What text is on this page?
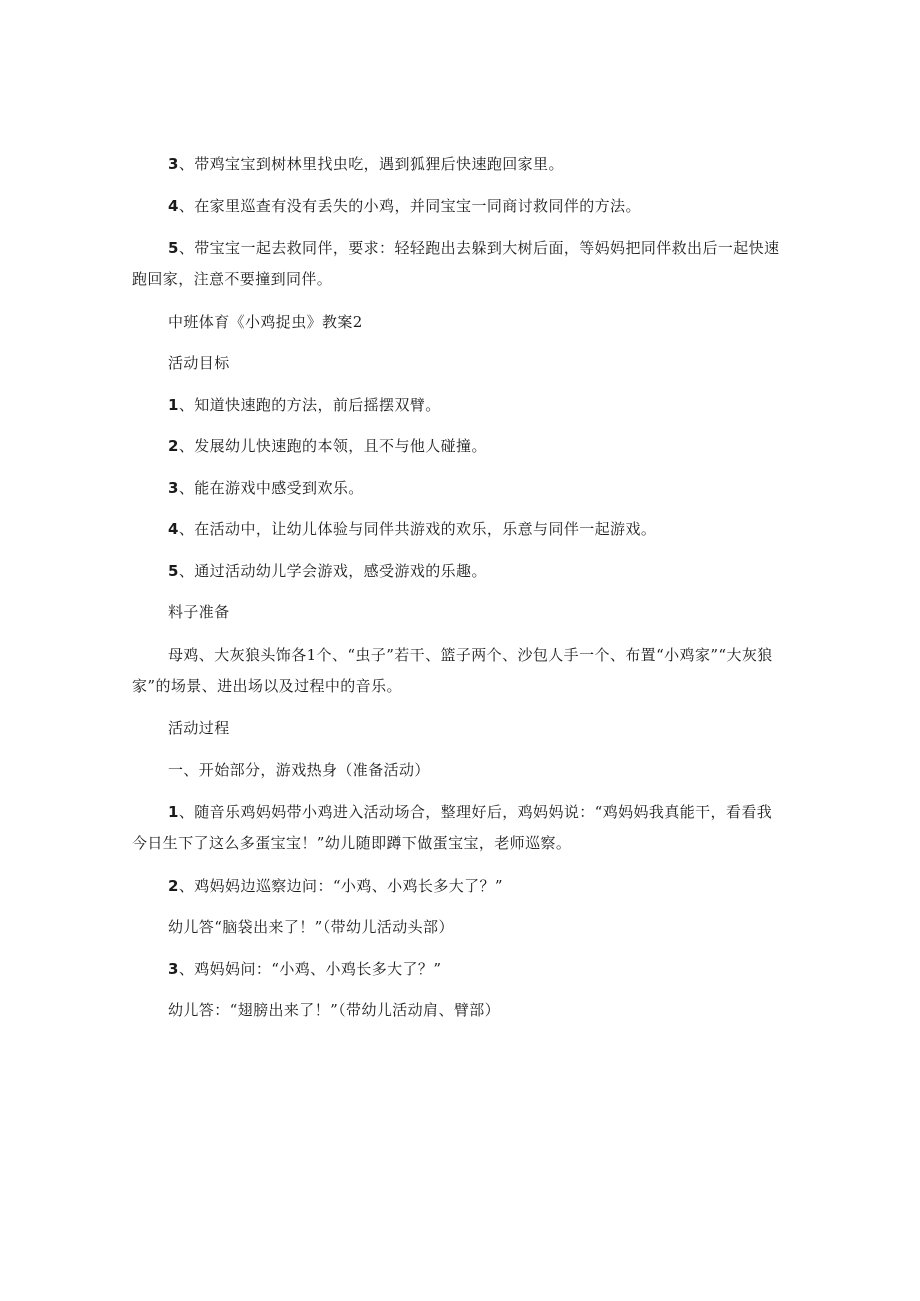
3、带鸡宝宝到树林里找虫吃，遇到狐狸后快速跑回家里。

4、在家里巡查有没有丢失的小鸡，并同宝宝一同商讨救同伴的方法。

5、带宝宝一起去救同伴，要求：轻轻跑出去躲到大树后面，等妈妈把同伴救出后一起快速跑回家，注意不要撞到同伴。

中班体育《小鸡捉虫》教案2

活动目标

1、知道快速跑的方法，前后摇摆双臂。

2、发展幼儿快速跑的本领，且不与他人碰撞。

3、能在游戏中感受到欢乐。

4、在活动中，让幼儿体验与同伴共游戏的欢乐，乐意与同伴一起游戏。

5、通过活动幼儿学会游戏，感受游戏的乐趣。

料子准备

母鸡、大灰狼头饰各1个、“虫子”若干、篮子两个、沙包人手一个、布置“小鸡家”“大灰狼家”的场景、进出场以及过程中的音乐。

活动过程

一、开始部分，游戏热身（准备活动）

1、随音乐鸡妈妈带小鸡进入活动场合，整理好后，鸡妈妈说：“鸡妈妈我真能干，看看我今日生下了这么多蛋宝宝！”幼儿随即蹲下做蛋宝宝，老师巡察。

2、鸡妈妈边巡察边问：“小鸡、小鸡长多大了？”

幼儿答“脑袋出来了！”（带幼儿活动头部）

3、鸡妈妈问：“小鸡、小鸡长多大了？”

幼儿答：“翅膀出来了！”（带幼儿活动肩、臂部）
